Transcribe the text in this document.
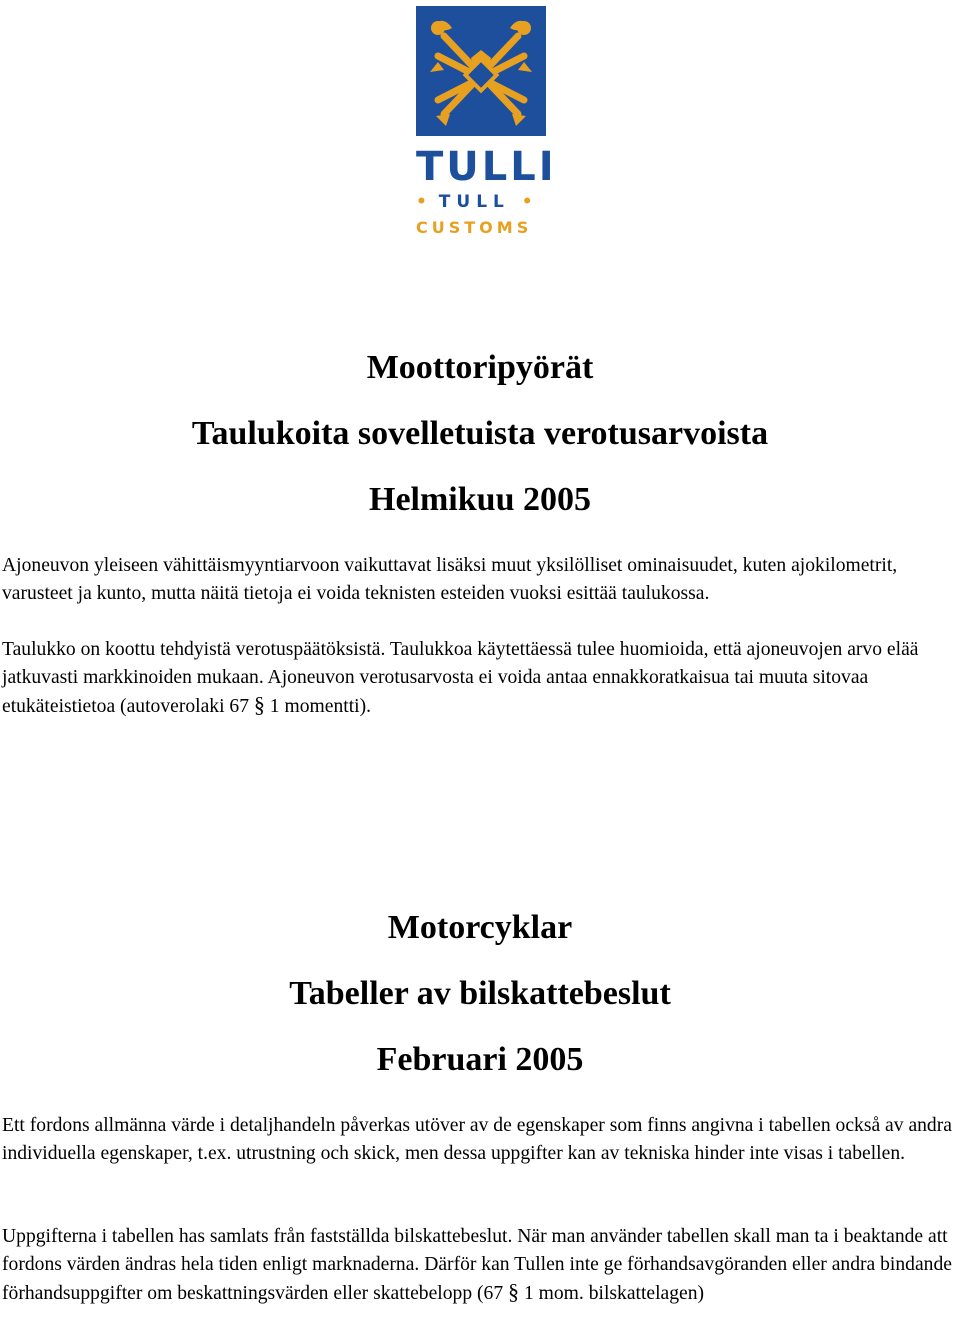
TULLI
• TULL •
CUSTOMS
Moottoripyörät
Taulukoita sovelletuista verotusarvoista
Helmikuu 2005

Ajoneuvon yleiseen vähittäismyyntiarvoon vaikuttavat lisäksi muut yksilölliset ominaisuudet, kuten ajokilometrit, varusteet ja kunto, mutta näitä tietoja ei voida teknisten esteiden vuoksi esittää taulukossa.

Taulukko on koottu tehdyistä verotuspäätöksistä. Taulukkoa käytettäessä tulee huomioida, että ajoneuvojen arvo elää jatkuvasti markkinoiden mukaan. Ajoneuvon verotusarvosta ei voida antaa ennakkoratkaisua tai muuta sitovaa etukäteistietoa (autoverolaki 67 § 1 momentti).

Motorcyklar
Tabeller av bilskattebeslut
Februari 2005

Ett fordons allmänna värde i detaljhandeln påverkas utöver av de egenskaper som finns angivna i tabellen också av andra individuella egenskaper, t.ex. utrustning och skick, men dessa uppgifter kan av tekniska hinder inte visas i tabellen.

Uppgifterna i tabellen has samlats från fastställda bilskattebeslut. När man använder tabellen skall man ta i beaktande att fordons värden ändras hela tiden enligt marknaderna. Därför kan Tullen inte ge förhandsavgöranden eller andra bindande förhandsuppgifter om beskattningsvärden eller skattebelopp (67 § 1 mom. bilskattelagen)
